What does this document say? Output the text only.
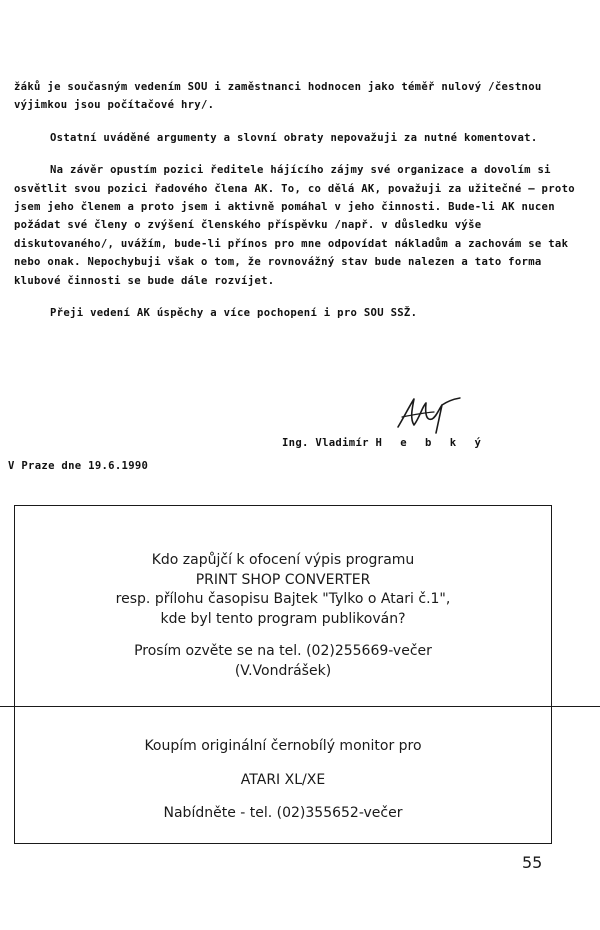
žáků je současným vedením SOU i zaměstnanci hodnocen jako téměř nulový /čestnou výjimkou jsou počítačové hry/.

Ostatní uváděné argumenty a slovní obraty nepovažuji za nutné komentovat.

Na závěr opustím pozici ředitele hájícího zájmy své organizace a dovolím si osvětlit svou pozici řadového člena AK. To, co dělá AK, považuji za užitečné – proto jsem jeho členem a proto jsem i aktivně pomáhal v jeho činnosti. Bude-li AK nucen požádat své členy o zvýšení členského příspěvku /např. v důsledku výše diskutovaného/, uvážím, bude-li přínos pro mne odpovídat nákladům a zachovám se tak nebo onak. Nepochybuji však o tom, že rovnovážný stav bude nalezen a tato forma klubové činnosti se bude dále rozvíjet.

Přeji vedení AK úspěchy a více pochopení i pro SOU SSŽ.

Ing. Vladimír H e b k ý
V Praze dne 19.6.1990
Kdo zapůjčí k ofocení výpis programu
PRINT SHOP CONVERTER
resp. přílohu časopisu Bajtek "Tylko o Atari č.1",
kde byl tento program publikován?
Prosím ozvěte se na tel. (02)255669-večer
(V.Vondrášek)
Koupím originální černobílý monitor pro
ATARI XL/XE
Nabídněte - tel. (02)355652-večer
55
